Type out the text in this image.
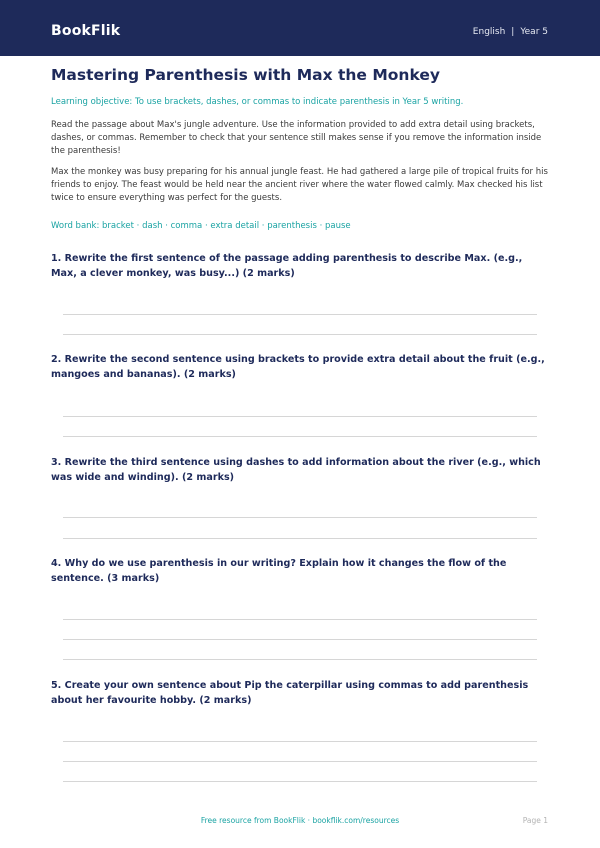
BookFlik	English | Year 5
Mastering Parenthesis with Max the Monkey
Learning objective: To use brackets, dashes, or commas to indicate parenthesis in Year 5 writing.
Read the passage about Max's jungle adventure. Use the information provided to add extra detail using brackets, dashes, or commas. Remember to check that your sentence still makes sense if you remove the information inside the parenthesis!
Max the monkey was busy preparing for his annual jungle feast. He had gathered a large pile of tropical fruits for his friends to enjoy. The feast would be held near the ancient river where the water flowed calmly. Max checked his list twice to ensure everything was perfect for the guests.
Word bank: bracket · dash · comma · extra detail · parenthesis · pause
1. Rewrite the first sentence of the passage adding parenthesis to describe Max. (e.g., Max, a clever monkey, was busy...) (2 marks)
2. Rewrite the second sentence using brackets to provide extra detail about the fruit (e.g., mangoes and bananas). (2 marks)
3. Rewrite the third sentence using dashes to add information about the river (e.g., which was wide and winding). (2 marks)
4. Why do we use parenthesis in our writing? Explain how it changes the flow of the sentence. (3 marks)
5. Create your own sentence about Pip the caterpillar using commas to add parenthesis about her favourite hobby. (2 marks)
Free resource from BookFlik · bookflik.com/resources	Page 1
